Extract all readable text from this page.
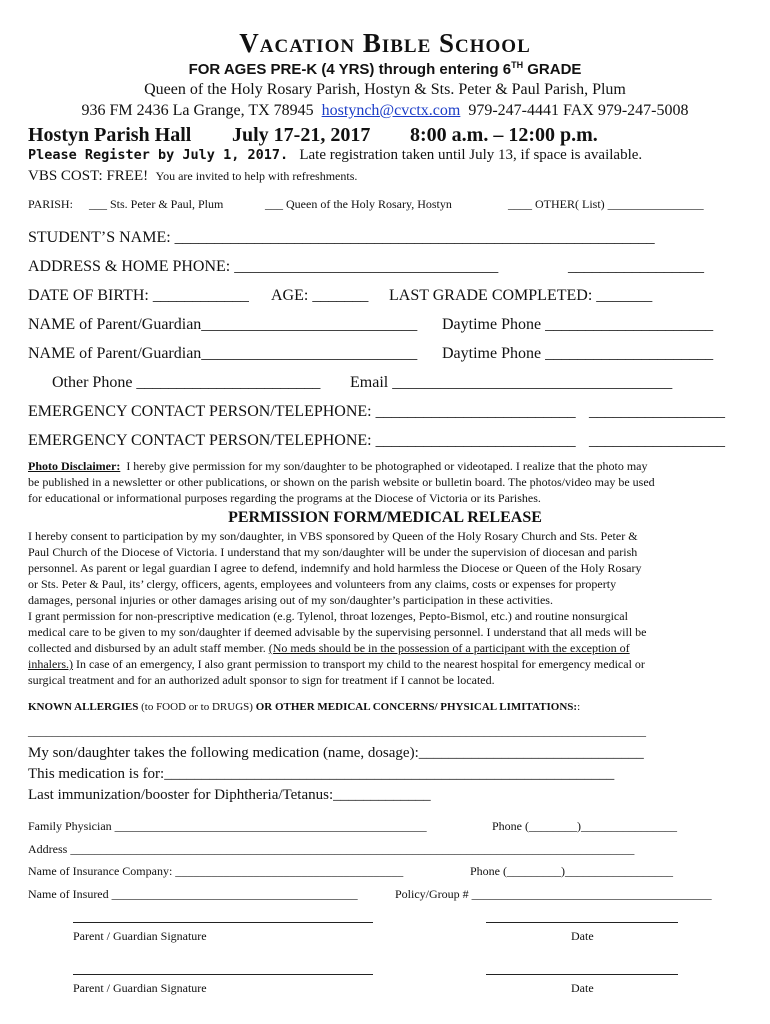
Vacation Bible School
FOR AGES PRE-K (4 YRS) through entering 6TH GRADE
Queen of the Holy Rosary Parish, Hostyn & Sts. Peter & Paul Parish, Plum
936 FM 2436 La Grange, TX 78945 hostynch@cvctx.com 979-247-4441 FAX 979-247-5008
Hostyn Parish Hall July 17-21, 2017 8:00 a.m. – 12:00 p.m.
Please Register by July 1, 2017. Late registration taken until July 13, if space is available.
VBS COST: FREE! You are invited to help with refreshments.
PARISH: ___ Sts. Peter & Paul, Plum	___ Queen of the Holy Rosary, Hostyn	____ OTHER( List) ________________
STUDENT’S NAME: ____________________________________________________________
ADDRESS & HOME PHONE: _________________________________	_________________
DATE OF BIRTH: ____________ AGE: _______ LAST GRADE COMPLETED: _______
NAME of Parent/Guardian___________________________ Daytime Phone _____________________
NAME of Parent/Guardian___________________________ Daytime Phone _____________________
Other Phone _______________________ Email ___________________________________
EMERGENCY CONTACT PERSON/TELEPHONE: _________________________ _________________
EMERGENCY CONTACT PERSON/TELEPHONE: _________________________ _________________
Photo Disclaimer: I hereby give permission for my son/daughter to be photographed or videotaped. I realize that the photo may
be published in a newsletter or other publications, or shown on the parish website or bulletin board. The photos/video may be used
for educational or informational purposes regarding the programs at the Diocese of Victoria or its Parishes.
PERMISSION FORM/MEDICAL RELEASE
I hereby consent to participation by my son/daughter, in VBS sponsored by Queen of the Holy Rosary Church and Sts. Peter &
Paul Church of the Diocese of Victoria. I understand that my son/daughter will be under the supervision of diocesan and parish
personnel. As parent or legal guardian I agree to defend, indemnify and hold harmless the Diocese or Queen of the Holy Rosary
or Sts. Peter & Paul, its’ clergy, officers, agents, employees and volunteers from any claims, costs or expenses for property
damages, personal injuries or other damages arising out of my son/daughter’s participation in these activities.
I grant permission for non-prescriptive medication (e.g. Tylenol, throat lozenges, Pepto-Bismol, etc.) and routine nonsurgical
medical care to be given to my son/daughter if deemed advisable by the supervising personnel. I understand that all meds will be
collected and disbursed by an adult staff member. (No meds should be in the possession of a participant with the exception of
inhalers.) In case of an emergency, I also grant permission to transport my child to the nearest hospital for emergency medical or
surgical treatment and for an authorized adult sponsor to sign for treatment if I cannot be located.
KNOWN ALLERGIES (to FOOD or to DRUGS) OR OTHER MEDICAL CONCERNS/ PHYSICAL LIMITATIONS::
_______________________________________________________________________________________________________
My son/daughter takes the following medication (name, dosage):______________________________
This medication is for:____________________________________________________________
Last immunization/booster for Diphtheria/Tetanus:_____________
Family Physician ____________________________________________________	Phone (________)________________
Address ______________________________________________________________________________________________
Name of Insurance Company: ______________________________________	Phone (_________)__________________
Name of Insured _________________________________________	Policy/Group # ________________________________________
Parent / Guardian Signature	Date
Parent / Guardian Signature	Date
